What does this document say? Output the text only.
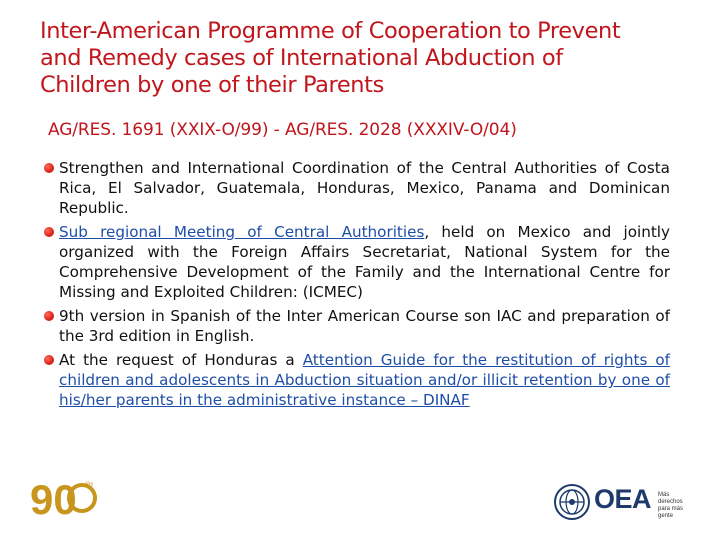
Inter-American Programme of Cooperation to Prevent
and Remedy cases of International Abduction of
Children by one of their Parents
AG/RES. 1691 (XXIX-O/99) - AG/RES. 2028 (XXXIV-O/04)
Strengthen and International Coordination of the Central Authorities of Costa Rica, El Salvador, Guatemala, Honduras, Mexico, Panama and Dominican Republic.
Sub regional Meeting of Central Authorities, held on Mexico and jointly organized with the Foreign Affairs Secretariat, National System for the Comprehensive Development of the Family and the International Centre for Missing and Exploited Children: (ICMEC)
9th version in Spanish of the Inter American Course son IAC and preparation of the 3rd edition in English.
At the request of Honduras a Attention Guide for the restitution of rights of children and adolescents in Abduction situation and/or illicit retention by one of his/her parents in the administrative instance – DINAF
90 iin	OEA Más derechos para más gente
